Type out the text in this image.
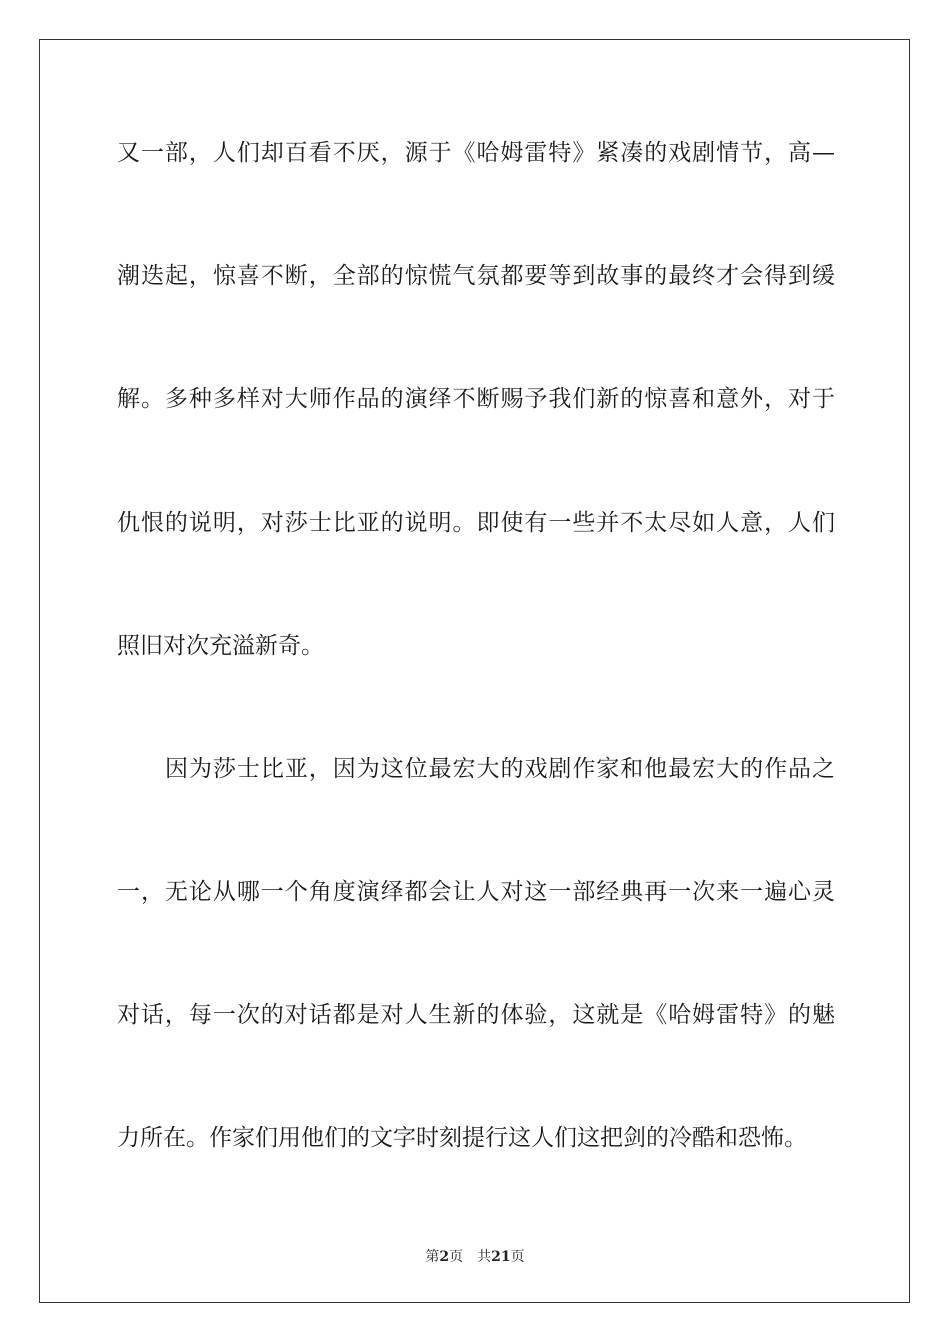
又一部，人们却百看不厌，源于《哈姆雷特》紧凑的戏剧情节，高—
潮迭起，惊喜不断，全部的惊慌气氛都要等到故事的最终才会得到缓
解。多种多样对大师作品的演绎不断赐予我们新的惊喜和意外，对于
仇恨的说明，对莎士比亚的说明。即使有一些并不太尽如人意，人们
照旧对次充溢新奇。
因为莎士比亚，因为这位最宏大的戏剧作家和他最宏大的作品之
一，无论从哪一个角度演绎都会让人对这一部经典再一次来一遍心灵
对话，每一次的对话都是对人生新的体验，这就是《哈姆雷特》的魅
力所在。作家们用他们的文字时刻提行这人们这把剑的冷酷和恐怖。
第2页 共21页
